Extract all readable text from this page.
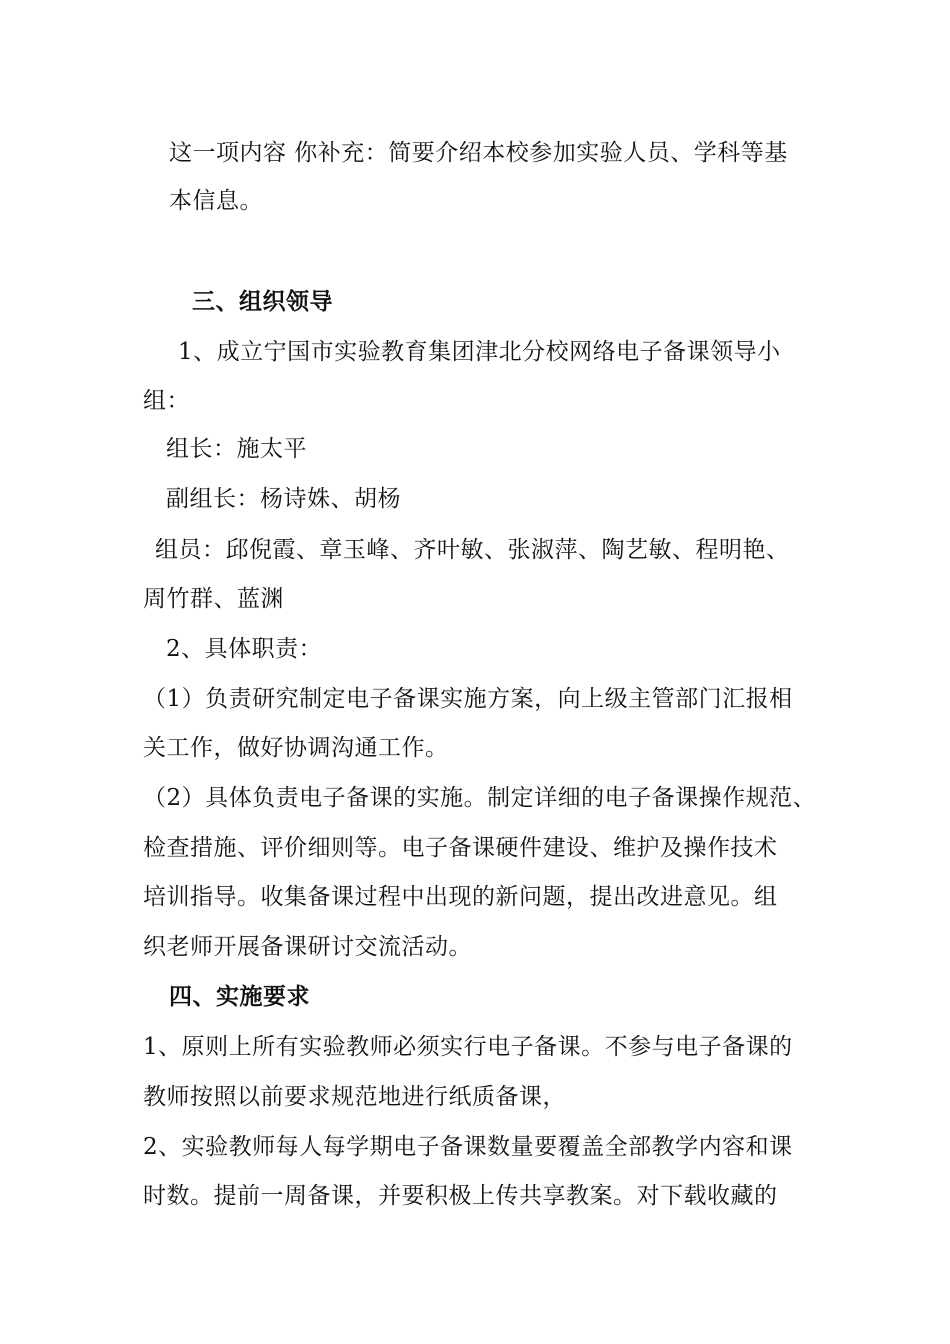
这一项内容 你补充：简要介绍本校参加实验人员、学科等基
本信息。
三、组织领导
1、成立宁国市实验教育集团津北分校网络电子备课领导小
组：
组长：施太平
副组长：杨诗姝、胡杨
组员：邱倪霞、章玉峰、齐叶敏、张淑萍、陶艺敏、程明艳、
周竹群、蓝渊
2、具体职责：
（1）负责研究制定电子备课实施方案，向上级主管部门汇报相
关工作，做好协调沟通工作。
（2）具体负责电子备课的实施。制定详细的电子备课操作规范、
检查措施、评价细则等。电子备课硬件建设、维护及操作技术
培训指导。收集备课过程中出现的新问题，提出改进意见。组
织老师开展备课研讨交流活动。
四、实施要求
1、原则上所有实验教师必须实行电子备课。不参与电子备课的
教师按照以前要求规范地进行纸质备课，
2、实验教师每人每学期电子备课数量要覆盖全部教学内容和课
时数。提前一周备课，并要积极上传共享教案。对下载收藏的
